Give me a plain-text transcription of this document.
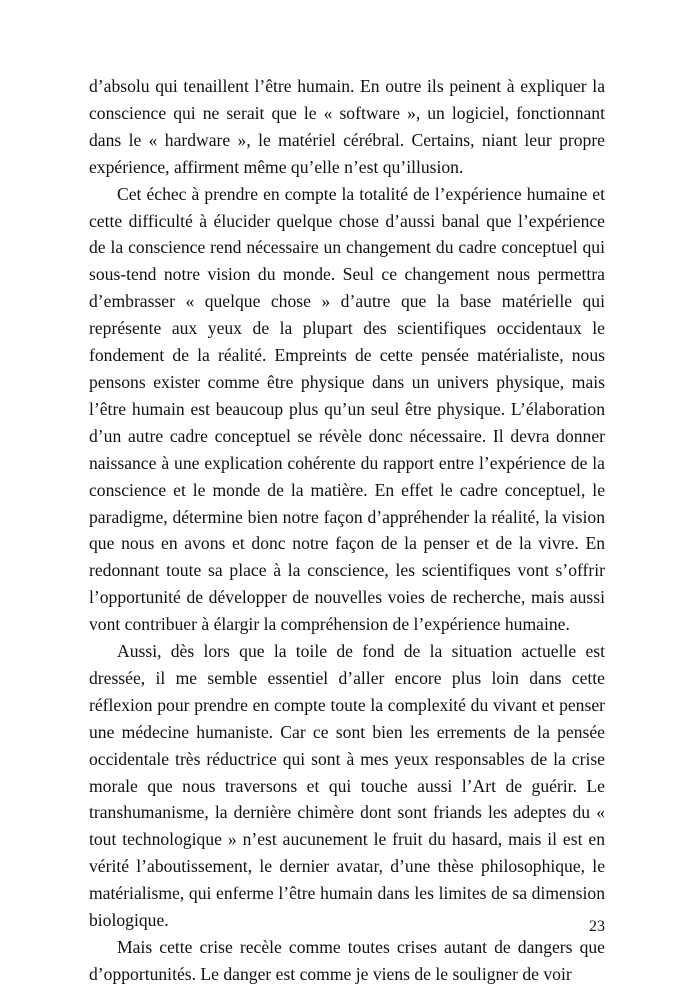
d’absolu qui tenaillent l’être humain. En outre ils peinent à expliquer la conscience qui ne serait que le « software », un logiciel, fonctionnant dans le « hardware », le matériel cérébral. Certains, niant leur propre expérience, affirment même qu’elle n’est qu’illusion.

Cet échec à prendre en compte la totalité de l’expérience humaine et cette difficulté à élucider quelque chose d’aussi banal que l’expérience de la conscience rend nécessaire un changement du cadre conceptuel qui sous-tend notre vision du monde. Seul ce changement nous permettra d’embrasser « quelque chose » d’autre que la base matérielle qui représente aux yeux de la plupart des scientifiques occidentaux le fondement de la réalité. Empreints de cette pensée matérialiste, nous pensons exister comme être physique dans un univers physique, mais l’être humain est beaucoup plus qu’un seul être physique. L’élaboration d’un autre cadre conceptuel se révèle donc nécessaire. Il devra donner naissance à une explication cohérente du rapport entre l’expérience de la conscience et le monde de la matière. En effet le cadre conceptuel, le paradigme, détermine bien notre façon d’appréhender la réalité, la vision que nous en avons et donc notre façon de la penser et de la vivre. En redonnant toute sa place à la conscience, les scientifiques vont s’offrir l’opportunité de développer de nouvelles voies de recherche, mais aussi vont contribuer à élargir la compréhension de l’expérience humaine.

Aussi, dès lors que la toile de fond de la situation actuelle est dressée, il me semble essentiel d’aller encore plus loin dans cette réflexion pour prendre en compte toute la complexité du vivant et penser une médecine humaniste. Car ce sont bien les errements de la pensée occidentale très réductrice qui sont à mes yeux responsables de la crise morale que nous traversons et qui touche aussi l’Art de guérir. Le transhumanisme, la dernière chimère dont sont friands les adeptes du « tout technologique » n’est aucunement le fruit du hasard, mais il est en vérité l’aboutissement, le dernier avatar, d’une thèse philosophique, le matérialisme, qui enferme l’être humain dans les limites de sa dimension biologique.

Mais cette crise recèle comme toutes crises autant de dangers que d’opportunités. Le danger est comme je viens de le souligner de voir

23
